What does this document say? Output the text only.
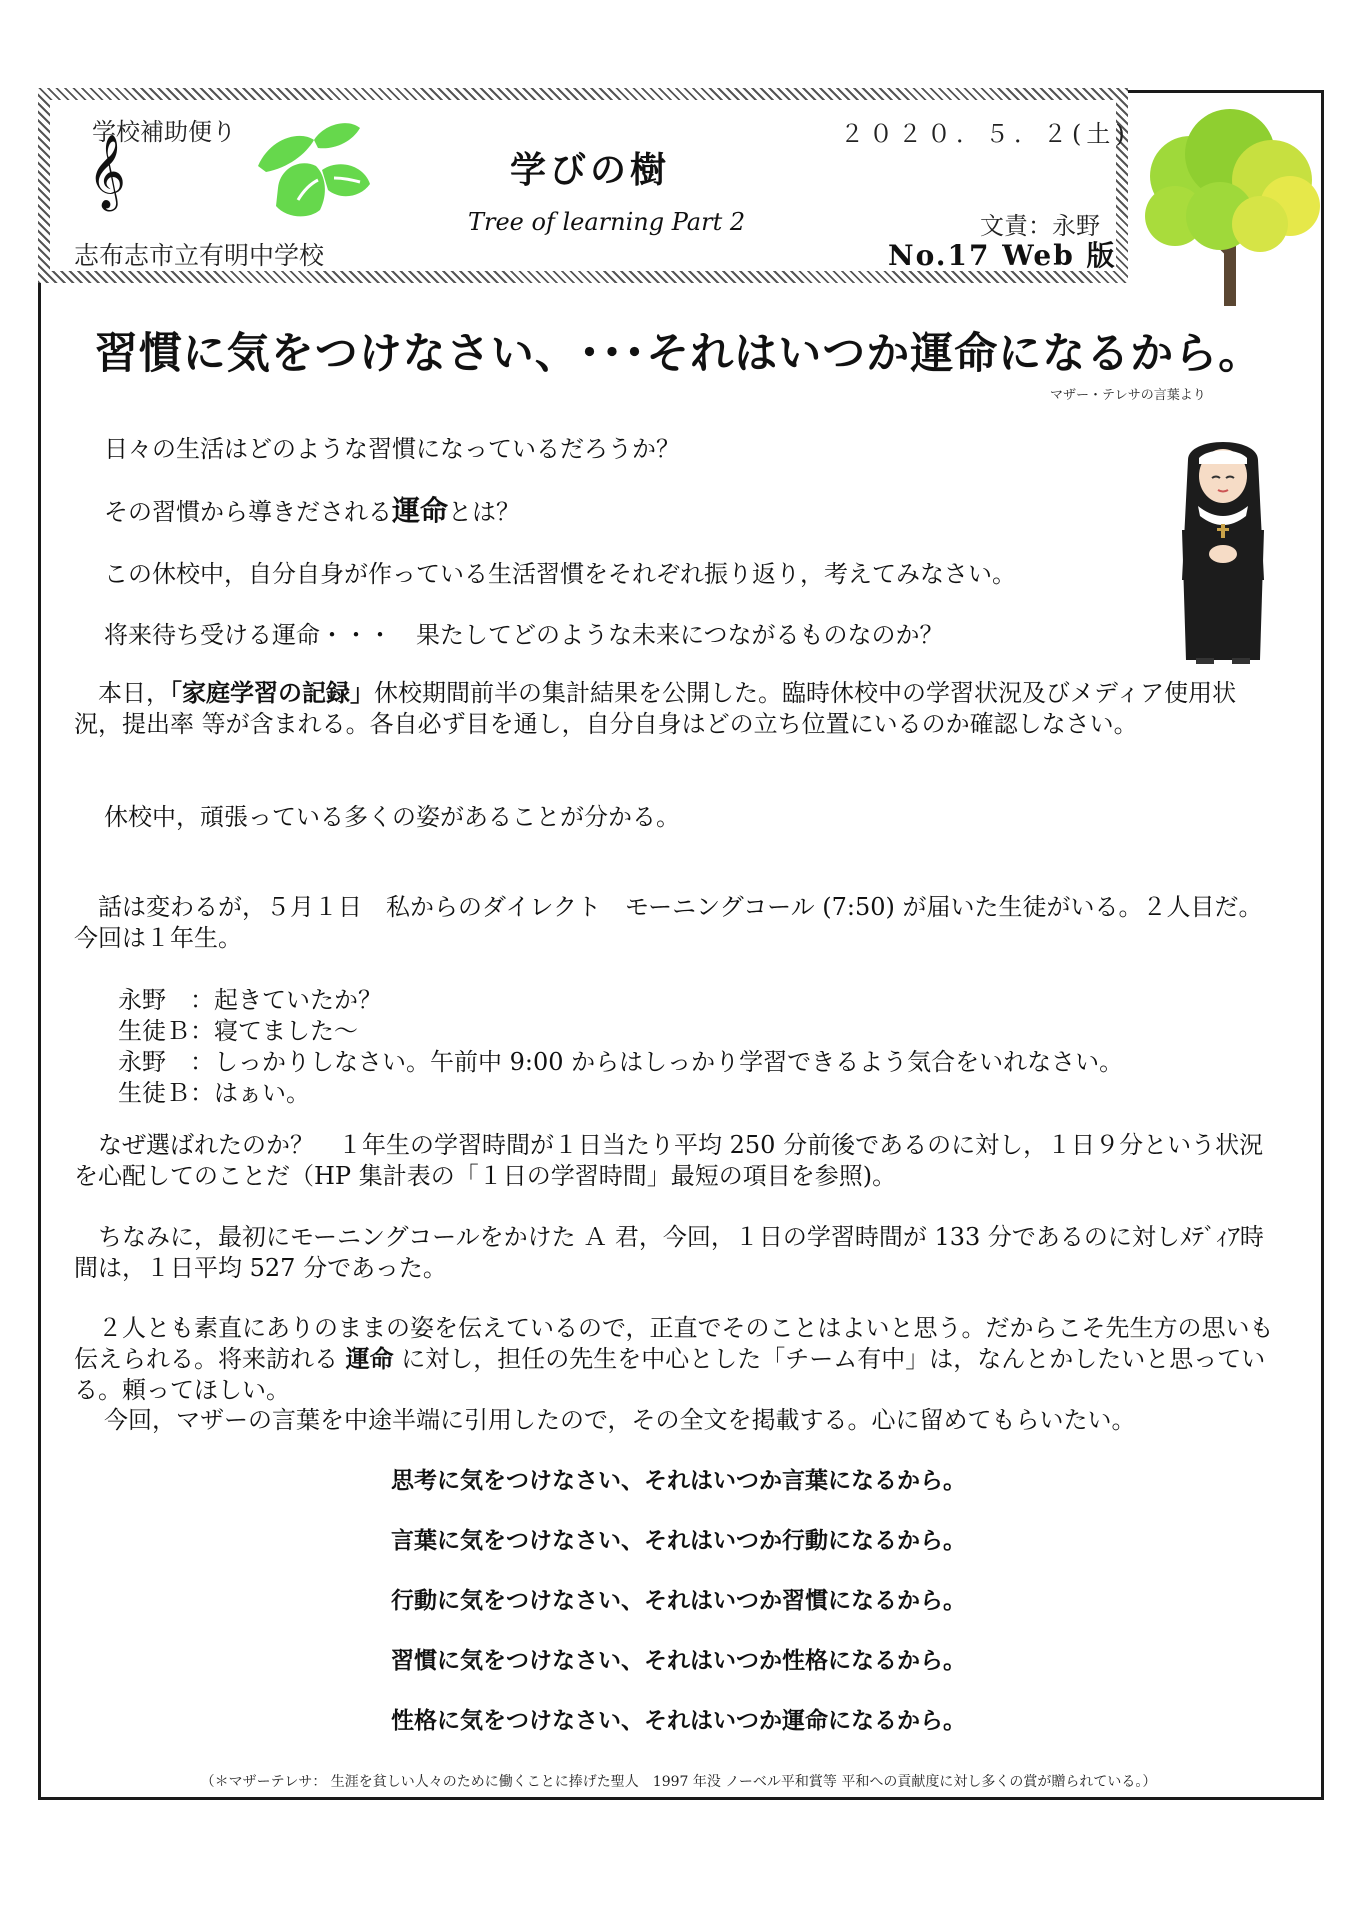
𝄞
学校補助便り
志布志市立有明中学校
学びの樹
Tree of learning Part 2
２０２０．５．２(土)
文責：永野
No.17 Web 版
習慣に気をつけなさい、･･･それはいつか運命になるから。
マザー・テレサの言葉より
日々の生活はどのような習慣になっているだろうか？
その習慣から導きだされる運命とは？
この休校中，自分自身が作っている生活習慣をそれぞれ振り返り，考えてみなさい。
将来待ち受ける運命・・・　果たしてどのような未来につながるものなのか？
本日，「家庭学習の記録」休校期間前半の集計結果を公開した。臨時休校中の学習状況及びメディア使用状況，提出率 等が含まれる。各自必ず目を通し，自分自身はどの立ち位置にいるのか確認しなさい。
休校中，頑張っている多くの姿があることが分かる。
話は変わるが，５月１日　私からのダイレクト　モーニングコール (7:50) が届いた生徒がいる。２人目だ。今回は１年生。
永野　：起きていたか？
生徒Ｂ：寝てました～
永野　：しっかりしなさい。午前中 9:00 からはしっかり学習できるよう気合をいれなさい。
生徒Ｂ：はぁい。
なぜ選ばれたのか？　１年生の学習時間が１日当たり平均 250 分前後であるのに対し，１日９分という状況を心配してのことだ（HP 集計表の「１日の学習時間」最短の項目を参照)。
ちなみに，最初にモーニングコールをかけた Ａ 君，今回，１日の学習時間が 133 分であるのに対しﾒﾃﾞｨｱ時間は，１日平均 527 分であった。
２人とも素直にありのままの姿を伝えているので，正直でそのことはよいと思う。だからこそ先生方の思いも伝えられる。将来訪れる 運命 に対し，担任の先生を中心とした「チーム有中」は，なんとかしたいと思っている。頼ってほしい。
今回，マザーの言葉を中途半端に引用したので，その全文を掲載する。心に留めてもらいたい。
思考に気をつけなさい、それはいつか言葉になるから。
言葉に気をつけなさい、それはいつか行動になるから。
行動に気をつけなさい、それはいつか習慣になるから。
習慣に気をつけなさい、それはいつか性格になるから。
性格に気をつけなさい、それはいつか運命になるから。
（＊マザーテレサ： 生涯を貧しい人々のために働くことに捧げた聖人　1997 年没 ノーベル平和賞等 平和への貢献度に対し多くの賞が贈られている。）
